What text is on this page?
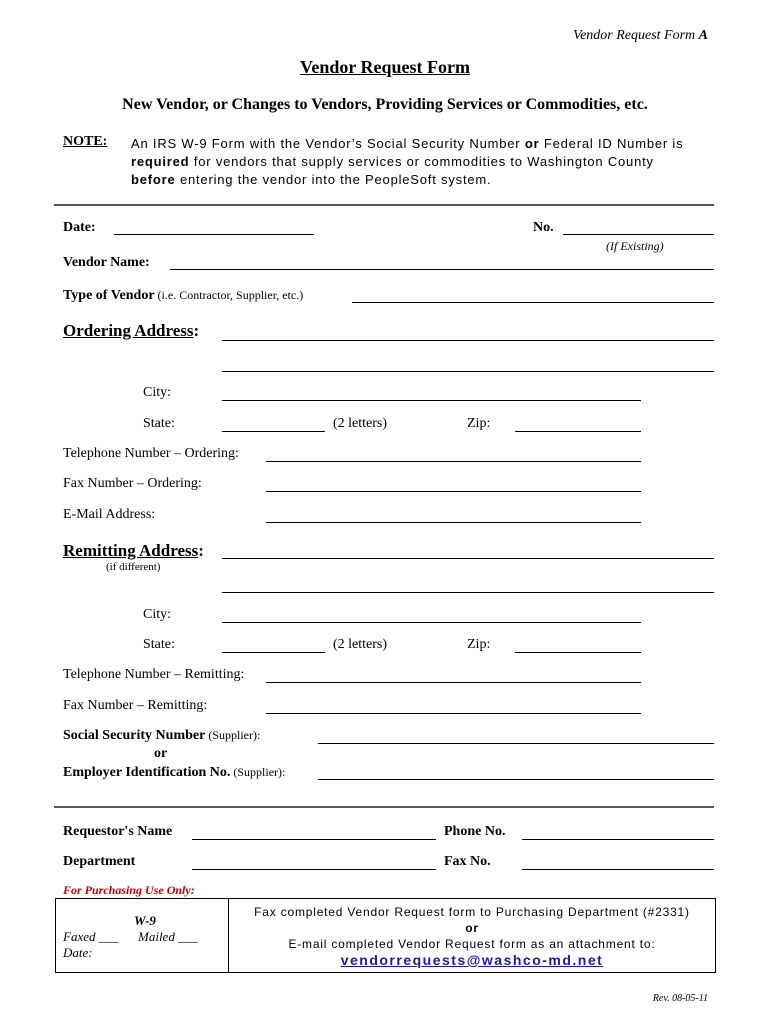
Vendor Request Form A
Vendor Request Form
New Vendor, or Changes to Vendors, Providing Services or Commodities, etc.
NOTE: An IRS W-9 Form with the Vendor’s Social Security Number or Federal ID Number is
required for vendors that supply services or commodities to Washington County
before entering the vendor into the PeopleSoft system.
Date:	No.
(If Existing)
Vendor Name:
Type of Vendor (i.e. Contractor, Supplier, etc.)
Ordering Address:
City:
State:	(2 letters)	Zip:
Telephone Number – Ordering:
Fax Number – Ordering:
E-Mail Address:
Remitting Address:
(if different)
City:
State:	(2 letters)	Zip:
Telephone Number – Remitting:
Fax Number – Remitting:
Social Security Number (Supplier):
or
Employer Identification No. (Supplier):
Requestor's Name	Phone No.
Department	Fax No.
For Purchasing Use Only:
W-9
Faxed ___ Mailed ___
Date:
Fax completed Vendor Request form to Purchasing Department (#2331)
or
E-mail completed Vendor Request form as an attachment to:
vendorrequests@washco-md.net
Rev. 08-05-11
